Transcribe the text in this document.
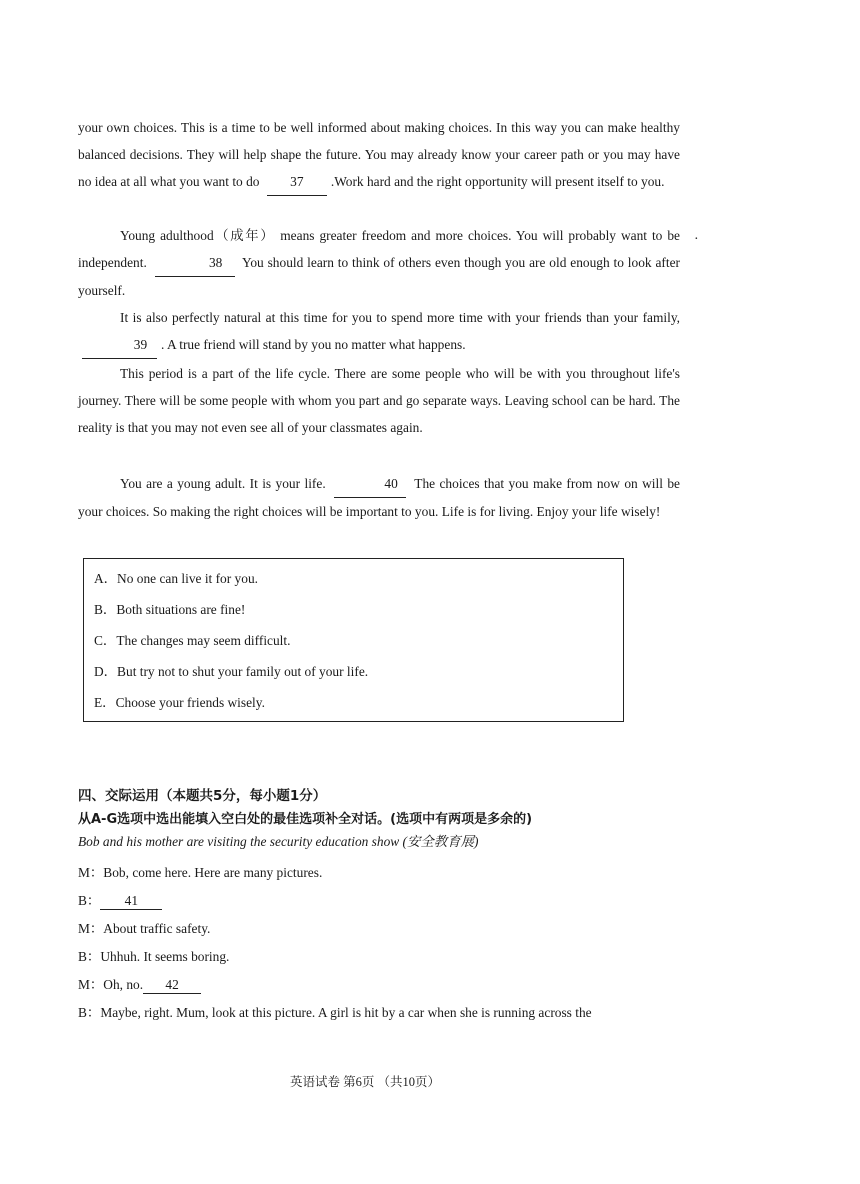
your own choices. This is a time to be well informed about making choices. In this way you can make healthy balanced decisions. They will help shape the future. You may already know your career path or you may have no idea at all what you want to do 37 .Work hard and the right opportunity will present itself to you.
Young adulthood（成年） means greater freedom and more choices. You will probably want to be independent.	38 You should learn to think of others even though you are old enough to look after yourself.
·
It is also perfectly natural at this time for you to spend more time with your friends than your family, 39 . A true friend will stand by you no matter what happens.
This period is a part of the life cycle. There are some people who will be with you throughout life's journey. There will be some people with whom you part and go separate ways. Leaving school can be hard. The reality is that you may not even see all of your classmates again.
You are a young adult. It is your life.	40 The choices that you make from now on will be your choices. So making the right choices will be important to you. Life is for living. Enjoy your life wisely!
A．No one can live it for you.
B．Both situations are fine!
C．The changes may seem difficult.
D．But try not to shut your family out of your life.
E．Choose your friends wisely.
四、交际运用（本题共5分，每小题1分）
从A-G选项中选出能填入空白处的最佳选项补全对话。(选项中有两项是多余的)
Bob and his mother are visiting the security education show (安全教育展)
M：Bob, come here. Here are many pictures.
B： 41
M：About traffic safety.
B：Uhhuh. It seems boring.
M：Oh, no. 42
B：Maybe, right. Mum, look at this picture. A girl is hit by a car when she is running across the
英语试卷 第6页 （共10页）
